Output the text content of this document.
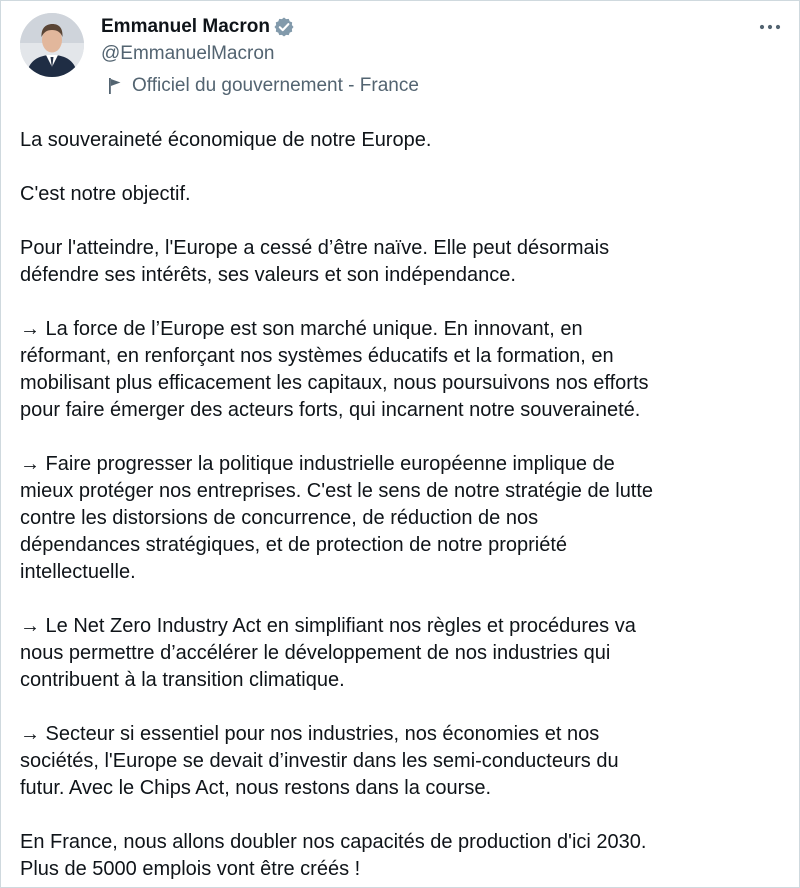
Emmanuel Macron
@EmmanuelMacron
Officiel du gouvernement - France

La souveraineté économique de notre Europe.

C'est notre objectif.

Pour l'atteindre, l'Europe a cessé d’être naïve. Elle peut désormais
défendre ses intérêts, ses valeurs et son indépendance.

→ La force de l’Europe est son marché unique. En innovant, en
réformant, en renforçant nos systèmes éducatifs et la formation, en
mobilisant plus efficacement les capitaux, nous poursuivons nos efforts
pour faire émerger des acteurs forts, qui incarnent notre souveraineté.

→ Faire progresser la politique industrielle européenne implique de
mieux protéger nos entreprises. C'est le sens de notre stratégie de lutte
contre les distorsions de concurrence, de réduction de nos
dépendances stratégiques, et de protection de notre propriété
intellectuelle.

→ Le Net Zero Industry Act en simplifiant nos règles et procédures va
nous permettre d’accélérer le développement de nos industries qui
contribuent à la transition climatique.

→ Secteur si essentiel pour nos industries, nos économies et nos
sociétés, l'Europe se devait d’investir dans les semi-conducteurs du
futur. Avec le Chips Act, nous restons dans la course.

En France, nous allons doubler nos capacités de production d'ici 2030.
Plus de 5000 emplois vont être créés !
